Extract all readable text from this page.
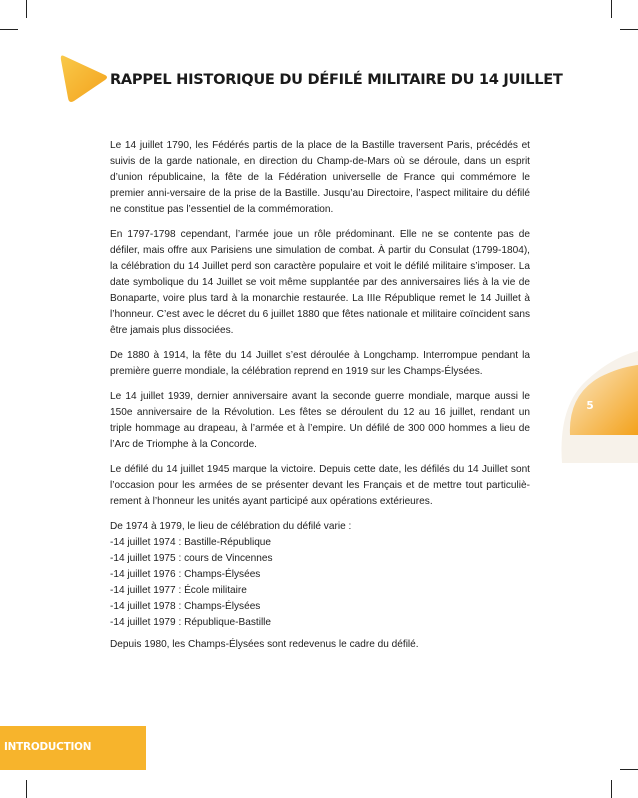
RAPPEL HISTORIQUE DU DÉFILÉ MILITAIRE DU 14 JUILLET

Le 14 juillet 1790, les Fédérés partis de la place de la Bastille traversent Paris, précédés et suivis de la garde nationale, en direction du Champ-de-Mars où se déroule, dans un esprit d’union républicaine, la fête de la Fédération universelle de France qui commémore le premier anni-versaire de la prise de la Bastille. Jusqu’au Directoire, l’aspect militaire du défilé ne constitue pas l’essentiel de la commémoration.

En 1797-1798 cependant, l’armée joue un rôle prédominant. Elle ne se contente pas de défiler, mais offre aux Parisiens une simulation de combat. À partir du Consulat (1799-1804), la célébration du 14 Juillet perd son caractère populaire et voit le défilé militaire s’imposer. La date symbolique du 14 Juillet se voit même supplantée par des anniversaires liés à la vie de Bonaparte, voire plus tard à la monarchie restaurée. La IIIe République remet le 14 Juillet à l’honneur. C’est avec le décret du 6 juillet 1880 que fêtes nationale et militaire coïncident sans être jamais plus dissociées.

De 1880 à 1914, la fête du 14 Juillet s’est déroulée à Longchamp. Interrompue pendant la première guerre mondiale, la célébration reprend en 1919 sur les Champs-Élysées.

Le 14 juillet 1939, dernier anniversaire avant la seconde guerre mondiale, marque aussi le 150e anniversaire de la Révolution. Les fêtes se déroulent du 12 au 16 juillet, rendant un triple hommage au drapeau, à l’armée et à l’empire. Un défilé de 300 000 hommes a lieu de l’Arc de Triomphe à la Concorde.

Le défilé du 14 juillet 1945 marque la victoire. Depuis cette date, les défilés du 14 Juillet sont l’occasion pour les armées de se présenter devant les Français et de mettre tout particuliè-rement à l’honneur les unités ayant participé aux opérations extérieures.

De 1974 à 1979, le lieu de célébration du défilé varie :

-14 juillet 1974 : Bastille-République

-14 juillet 1975 : cours de Vincennes

-14 juillet 1976 : Champs-Élysées

-14 juillet 1977 : École militaire

-14 juillet 1978 : Champs-Élysées

-14 juillet 1979 : République-Bastille

Depuis 1980, les Champs-Élysées sont redevenus le cadre du défilé.

5
INTRODUCTION
